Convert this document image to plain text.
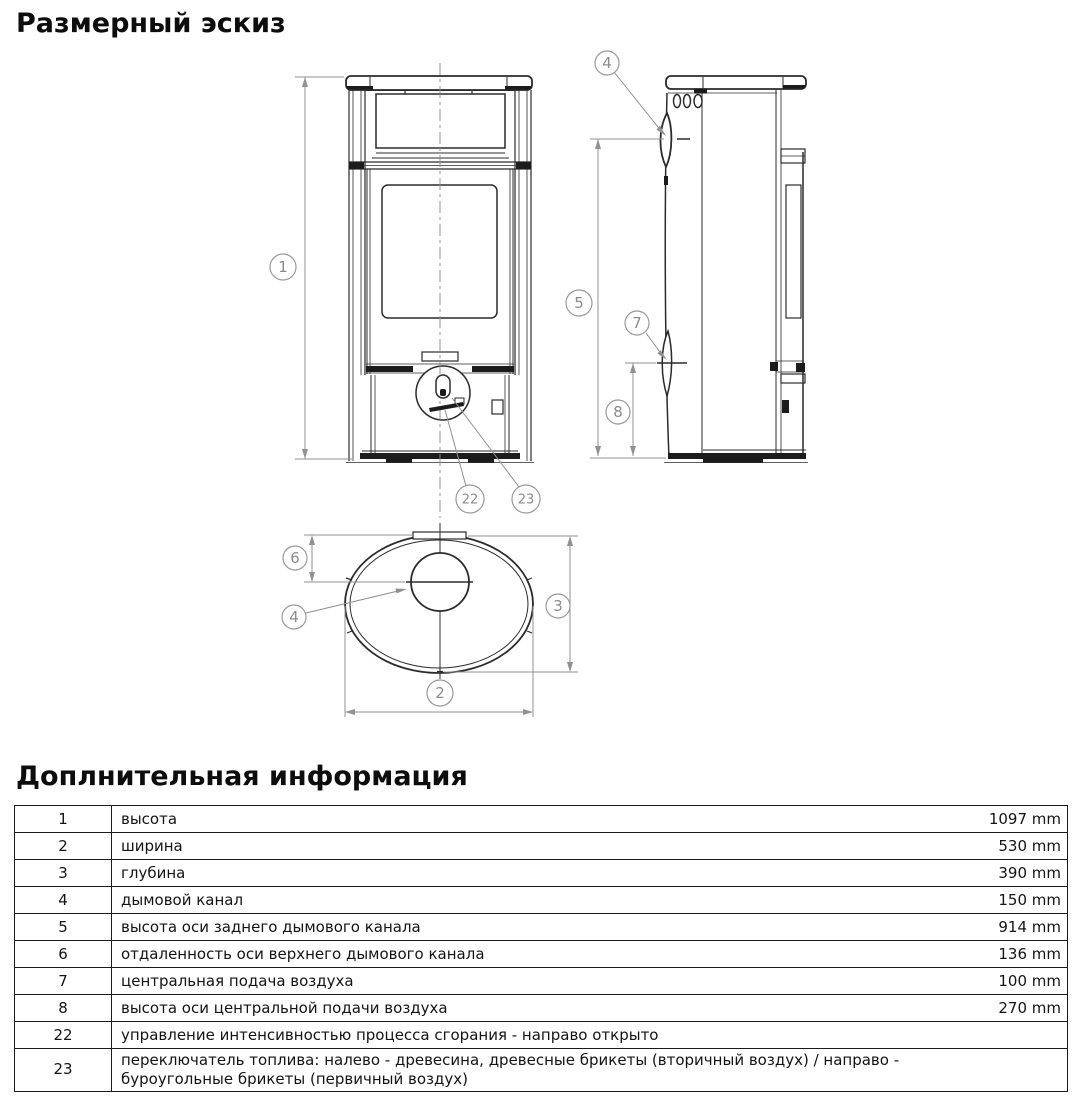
Размерный эскиз
22	23
1
4
5
7
8
6
4
3
2
Доплнительная информация
1	высота	1097 mm
2	ширина	530 mm
3	глубина	390 mm
4	дымовой канал	150 mm
5	высота оси заднего дымового канала	914 mm
6	отдаленность оси верхнего дымового канала	136 mm
7	центральная подача воздуха	100 mm
8	высота оси центральной подачи воздуха	270 mm
22	управление интенсивностью процесса сгорания - направо открыто	
23	переключатель топлива: налево - древесина, древесные брикеты (вторичный воздух) / направо - буроугольные брикеты (первичный воздух)	
